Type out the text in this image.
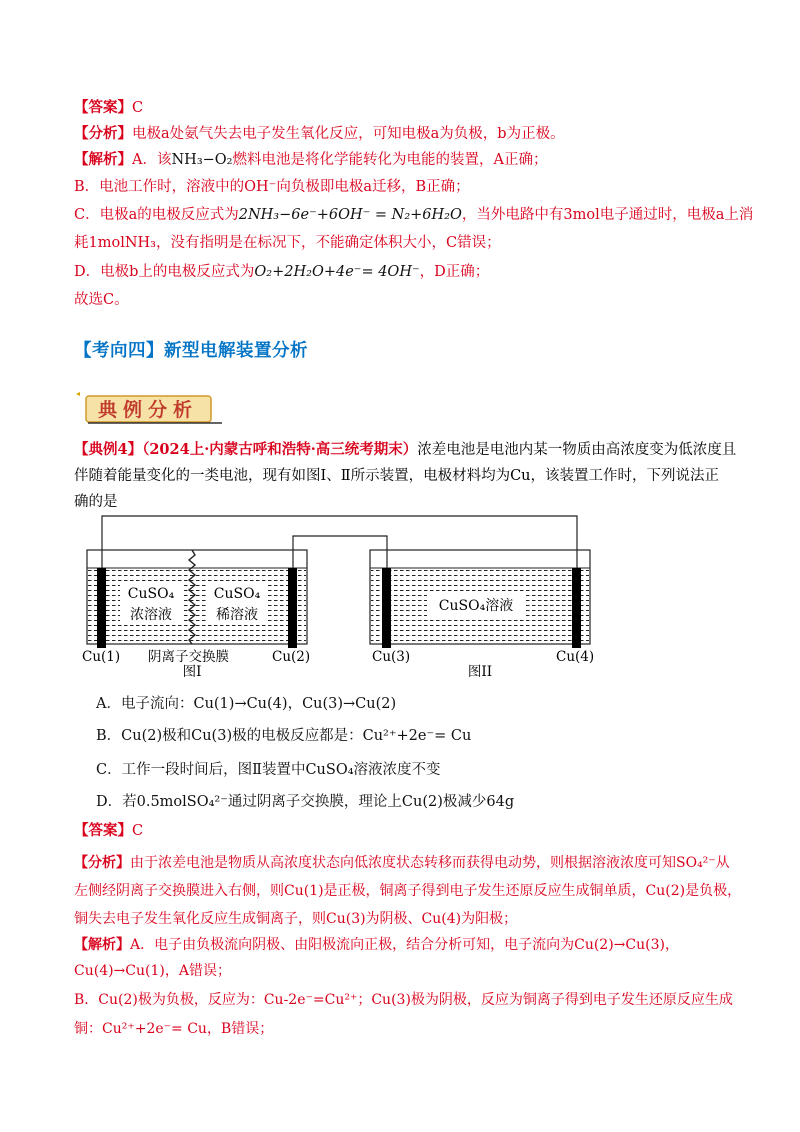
【答案】C
【分析】电极a处氨气失去电子发生氧化反应，可知电极a为负极，b为正极。
【解析】A．该NH₃−O₂燃料电池是将化学能转化为电能的装置，A正确；
B．电池工作时，溶液中的OH⁻向负极即电极a迁移，B正确；
C．电极a的电极反应式为2NH₃−6e⁻+6OH⁻ = N₂+6H₂O，当外电路中有3mol电子通过时，电极a上消
耗1molNH₃，没有指明是在标况下，不能确定体积大小，C错误；
D．电极b上的电极反应式为O₂+2H₂O+4e⁻= 4OH⁻，D正确；
故选C。
【考向四】新型电解装置分析
典例分析
【典例4】（2024上·内蒙古呼和浩特·高三统考期末）浓差电池是电池内某一物质由高浓度变为低浓度且
伴随着能量变化的一类电池，现有如图Ⅰ、Ⅱ所示装置，电极材料均为Cu，该装置工作时，下列说法正
确的是
CuSO₄
浓溶液
CuSO₄
稀溶液
CuSO₄溶液
Cu(1) 阴离子交换膜	Cu(2)	Cu(3)	Cu(4)
图I	图II
A．电子流向：Cu(1)→Cu(4)，Cu(3)→Cu(2)
B．Cu(2)极和Cu(3)极的电极反应都是：Cu²⁺+2e⁻= Cu
C．工作一段时间后，图Ⅱ装置中CuSO₄溶液浓度不变
D．若0.5molSO₄²⁻通过阴离子交换膜，理论上Cu(2)极减少64g
【答案】C
【分析】由于浓差电池是物质从高浓度状态向低浓度状态转移而获得电动势，则根据溶液浓度可知SO₄²⁻从
左侧经阴离子交换膜进入右侧，则Cu(1)是正极，铜离子得到电子发生还原反应生成铜单质，Cu(2)是负极，
铜失去电子发生氧化反应生成铜离子，则Cu(3)为阴极、Cu(4)为阳极；
【解析】A．电子由负极流向阴极、由阳极流向正极，结合分析可知，电子流向为Cu(2)→Cu(3)，
Cu(4)→Cu(1)，A错误；
B．Cu(2)极为负极，反应为：Cu-2e⁻=Cu²⁺；Cu(3)极为阴极，反应为铜离子得到电子发生还原反应生成
铜：Cu²⁺+2e⁻= Cu，B错误；
